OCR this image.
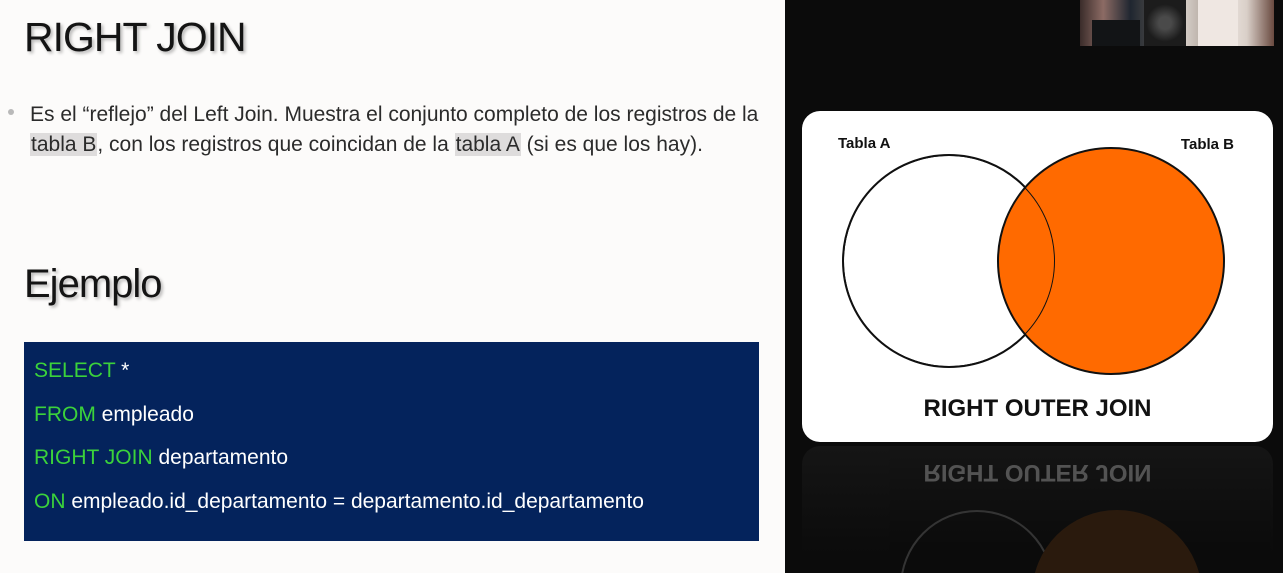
RIGHT JOIN

Es el “reflejo” del Left Join. Muestra el conjunto completo de los registros de la tabla B, con los registros que coincidan de la tabla A (si es que los hay).

Ejemplo
SELECT *
FROM empleado
RIGHT JOIN departamento
ON empleado.id_departamento = departamento.id_departamento
Tabla A	Tabla B
RIGHT OUTER JOIN
RIGHT OUTER JOIN
